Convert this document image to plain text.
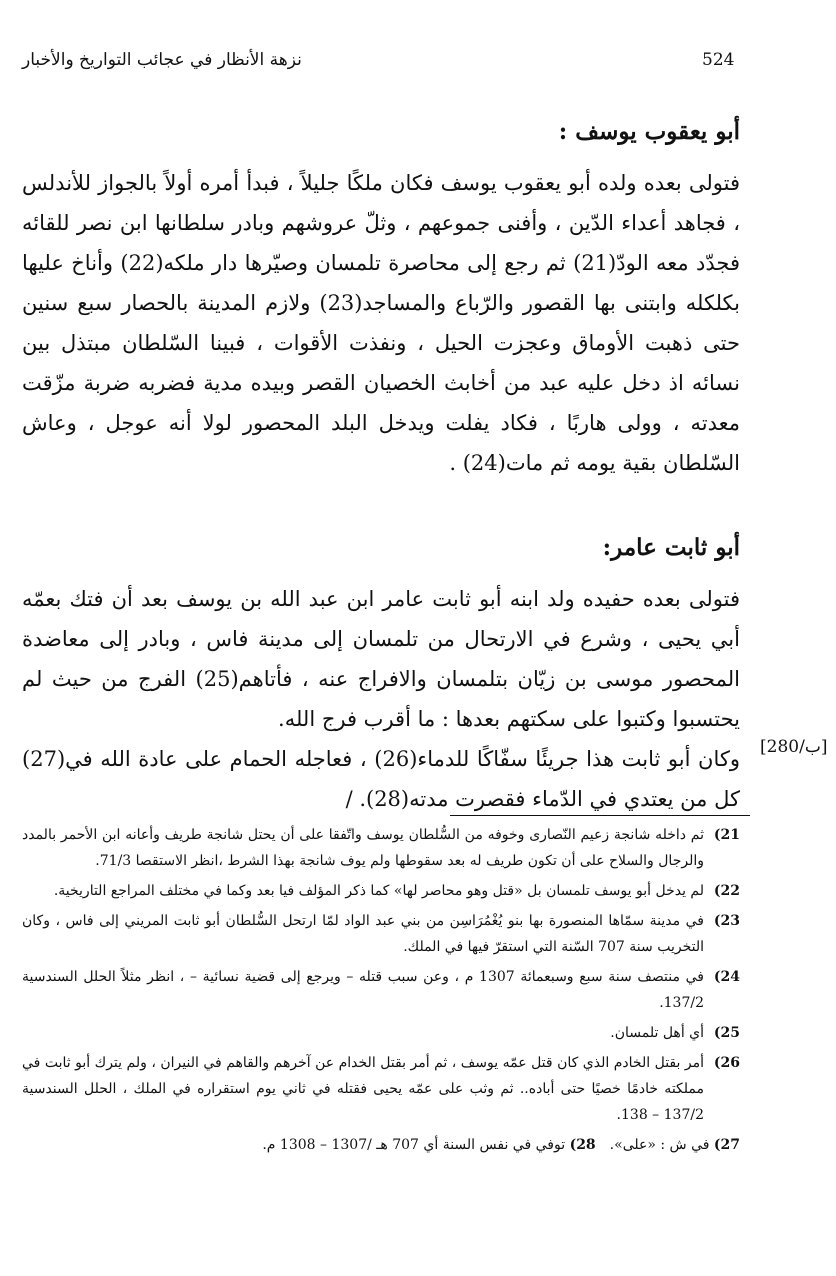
524
نزهة الأنظار في عجائب التواريخ والأخبار
أبو يعقوب يوسف :

فتولى بعده ولده أبو يعقوب يوسف فكان ملكًا جليلاً ، فبدأ أمره أولاً بالجواز للأندلس ، فجاهد أعداء الدّين ، وأفنى جموعهم ، وثلّ عروشهم وبادر سلطانها ابن نصر للقائه فجدّد معه الودّ(21) ثم رجع إلى محاصرة تلمسان وصيّرها دار ملكه(22) وأناخ عليها بكلكله وابتنى بها القصور والرّباع والمساجد(23) ولازم المدينة بالحصار سبع سنين حتى ذهبت الأوماق وعجزت الحيل ، ونفذت الأقوات ، فبينا السّلطان مبتذل بين نسائه اذ دخل عليه عبد من أخابث الخصيان القصر وبيده مدية فضربه ضربة مزّقت معدته ، وولى هاربًا ، فكاد يفلت ويدخل البلد المحصور لولا أنه عوجل ، وعاش السّلطان بقية يومه ثم مات(24) .

أبو ثابت عامر:

فتولى بعده حفيده ولد ابنه أبو ثابت عامر ابن عبد الله بن يوسف بعد أن فتك بعمّه أبي يحيى ، وشرع في الارتحال من تلمسان إلى مدينة فاس ، وبادر إلى معاضدة المحصور موسى بن زيّان بتلمسان والافراج عنه ، فأتاهم(25) الفرج من حيث لم يحتسبوا وكتبوا على سكتهم بعدها : ما أقرب فرج الله.

وكان أبو ثابت هذا جريئًا سفّاكًا للدماء(26) ، فعاجله الحمام على عادة الله في(27) كل من يعتدي في الدّماء فقصرت مدته(28). /

[280/ب]
21)
ثم داخله شانجة زعيم النّصارى وخوفه من السُّلطان يوسف واتّفقا على أن يحتل شانجة طريف وأعانه ابن الأحمر بالمدد والرجال والسلاح على أن تكون طريف له بعد سقوطها ولم يوف شانجة بهذا الشرط ،انظر الاستقصا 71/3.
22)
لم يدخل أبو يوسف تلمسان بل «قتل وهو محاصر لها» كما ذكر المؤلف فيا بعد وكما في مختلف المراجع التاريخية.
23)
في مدينة سمّاها المنصورة بها بنو يُغْمُرَاسِن من بني عبد الواد لمّا ارتحل السُّلطان أبو ثابت المريني إلى فاس ، وكان التخريب سنة 707 السّنة التي استقرّ فيها في الملك.
24)
في منتصف سنة سبع وسبعمائة 1307 م ، وعن سبب قتله – ويرجع إلى قضية نسائية – ، انظر مثلاً الحلل السندسية 137/2.
25)
أي أهل تلمسان.
26)
أمر بقتل الخادم الذي كان قتل عمّه يوسف ، ثم أمر بقتل الخدام عن آخرهم والقاهم في النيران ، ولم يترك أبو ثابت في مملكته خادمًا خصيًا حتى أباده.. ثم وثب على عمّه يحيى فقتله في ثاني يوم استقراره في الملك ، الحلل السندسية 137/2 – 138.
27) في ش : «على».
28) توفي في نفس السنة أي 707 هـ /1307 – 1308 م.
